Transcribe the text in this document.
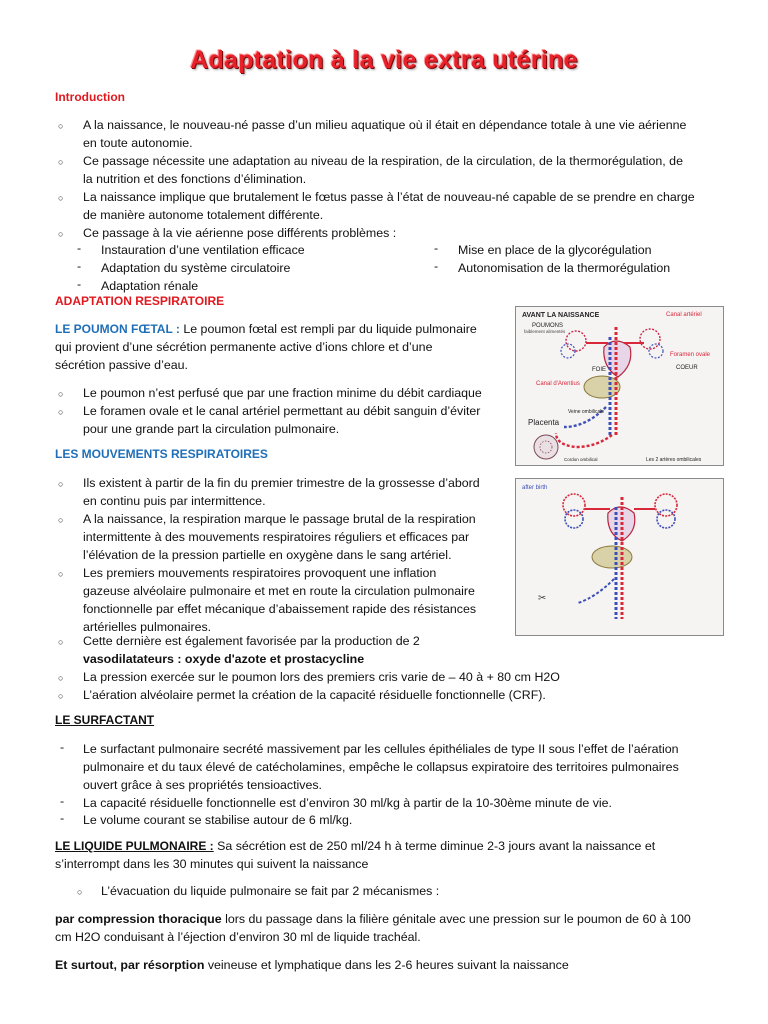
Adaptation à la vie extra utérine
Introduction
○ A la naissance, le nouveau-né passe d’un milieu aquatique où il était en dépendance totale à une vie aérienne
en toute autonomie.
○ Ce passage nécessite une adaptation au niveau de la respiration, de la circulation, de la thermorégulation, de
la nutrition et des fonctions d’élimination.
○ La naissance implique que brutalement le fœtus passe à l’état de nouveau-né capable de se prendre en charge
de manière autonome totalement différente.
○ Ce passage à la vie aérienne pose différents problèmes :
- Instauration d’une ventilation efficace
- Adaptation du système circulatoire
- Adaptation rénale
- Mise en place de la glycorégulation
- Autonomisation de la thermorégulation
ADAPTATION RESPIRATOIRE
LE POUMON FŒTAL : Le poumon fœtal est rempli par du liquide pulmonaire
qui provient d’une sécrétion permanente active d’ions chlore et d’une
sécrétion passive d’eau.
○ Le poumon n’est perfusé que par une fraction minime du débit cardiaque
○ Le foramen ovale et le canal artériel permettant au débit sanguin d’éviter
pour une grande part la circulation pulmonaire.
LES MOUVEMENTS RESPIRATOIRES
○ Ils existent à partir de la fin du premier trimestre de la grossesse d’abord
en continu puis par intermittence.
○ A la naissance, la respiration marque le passage brutal de la respiration
intermittente à des mouvements respiratoires réguliers et efficaces par
l’élévation de la pression partielle en oxygène dans le sang artériel.
○ Les premiers mouvements respiratoires provoquent une inflation
gazeuse alvéolaire pulmonaire et met en route la circulation pulmonaire
fonctionnelle par effet mécanique d’abaissement rapide des résistances
artérielles pulmonaires.
○ Cette dernière est également favorisée par la production de 2
vasodilatateurs : oxyde d'azote et prostacycline
○ La pression exercée sur le poumon lors des premiers cris varie de – 40 à + 80 cm H2O
○ L’aération alvéolaire permet la création de la capacité résiduelle fonctionnelle (CRF).
LE SURFACTANT
- Le surfactant pulmonaire secrété massivement par les cellules épithéliales de type II sous l’effet de l’aération
pulmonaire et du taux élevé de catécholamines, empêche le collapsus expiratoire des territoires pulmonaires
ouvert grâce à ses propriétés tensioactives.
- La capacité résiduelle fonctionnelle est d’environ 30 ml/kg à partir de la 10-30ème minute de vie.
- Le volume courant se stabilise autour de 6 ml/kg.
LE LIQUIDE PULMONAIRE : Sa sécrétion est de 250 ml/24 h à terme diminue 2-3 jours avant la naissance et
s’interrompt dans les 30 minutes qui suivent la naissance
○ L’évacuation du liquide pulmonaire se fait par 2 mécanismes :
par compression thoracique lors du passage dans la filière génitale avec une pression sur le poumon de 60 à 100
cm H2O conduisant à l’éjection d’environ 30 ml de liquide trachéal.
Et surtout, par résorption veineuse et lymphatique dans les 2-6 heures suivant la naissance
AVANT LA NAISSANCE	Canal artériel
POUMONS
faiblement alimentés
Foramen ovale
FOIE	COEUR
Canal d'Arentius
Veine ombilicale
Placenta
Cordon ombilical	Les 2 artères ombilicales
after birth
✂
